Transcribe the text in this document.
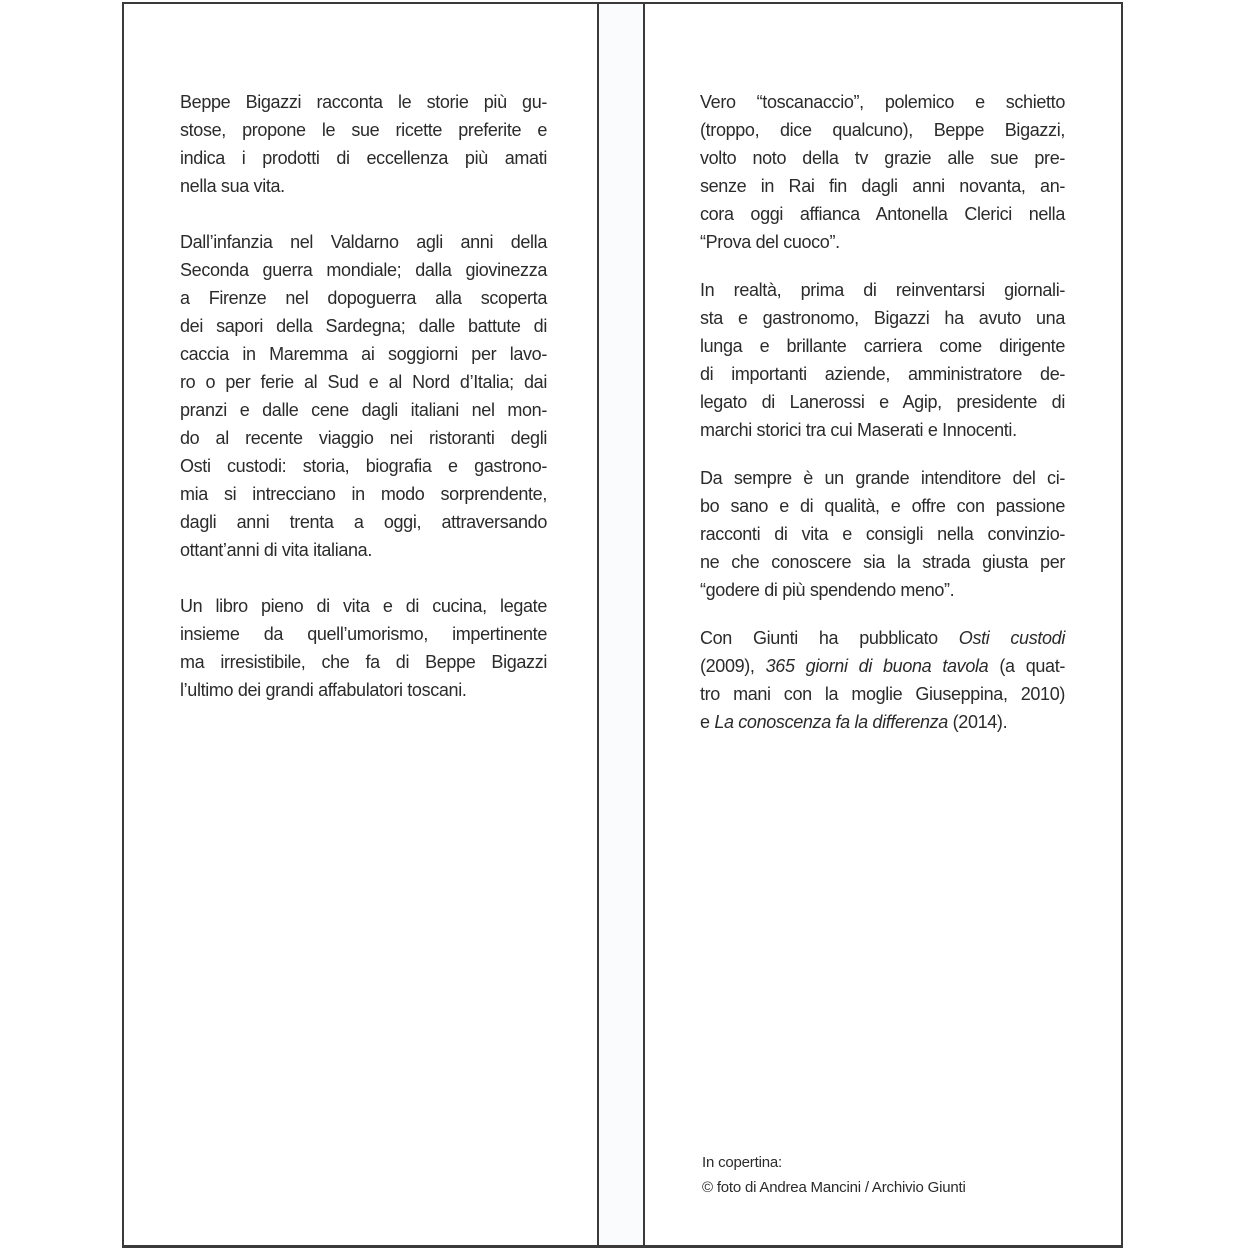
Beppe Bigazzi racconta le storie più gu-
stose, propone le sue ricette preferite e
indica i prodotti di eccellenza più amati
nella sua vita.
Dall’infanzia nel Valdarno agli anni della
Seconda guerra mondiale; dalla giovinezza
a Firenze nel dopoguerra alla scoperta
dei sapori della Sardegna; dalle battute di
caccia in Maremma ai soggiorni per lavo-
ro o per ferie al Sud e al Nord d’Italia; dai
pranzi e dalle cene dagli italiani nel mon-
do al recente viaggio nei ristoranti degli
Osti custodi: storia, biografia e gastrono-
mia si intrecciano in modo sorprendente,
dagli anni trenta a oggi, attraversando
ottant’anni di vita italiana.
Un libro pieno di vita e di cucina, legate
insieme da quell’umorismo, impertinente
ma irresistibile, che fa di Beppe Bigazzi
l’ultimo dei grandi affabulatori toscani.
Vero “toscanaccio”, polemico e schietto
(troppo, dice qualcuno), Beppe Bigazzi,
volto noto della tv grazie alle sue pre-
senze in Rai fin dagli anni novanta, an-
cora oggi affianca Antonella Clerici nella
“Prova del cuoco”.
In realtà, prima di reinventarsi giornali-
sta e gastronomo, Bigazzi ha avuto una
lunga e brillante carriera come dirigente
di importanti aziende, amministratore de-
legato di Lanerossi e Agip, presidente di
marchi storici tra cui Maserati e Innocenti.
Da sempre è un grande intenditore del ci-
bo sano e di qualità, e offre con passione
racconti di vita e consigli nella convinzio-
ne che conoscere sia la strada giusta per
“godere di più spendendo meno”.
Con Giunti ha pubblicato Osti custodi
(2009), 365 giorni di buona tavola (a quat-
tro mani con la moglie Giuseppina, 2010)
e La conoscenza fa la differenza (2014).
In copertina:
© foto di Andrea Mancini / Archivio Giunti
